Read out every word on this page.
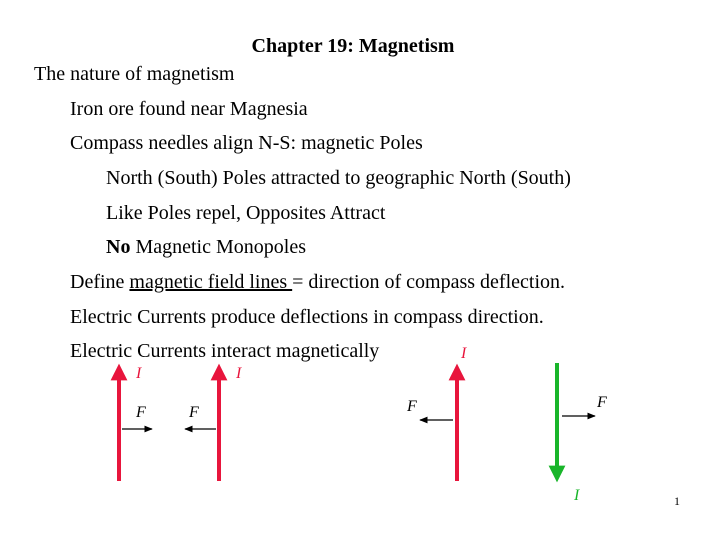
Chapter 19: Magnetism
The nature of magnetism
Iron ore found near Magnesia
Compass needles align N-S: magnetic Poles
North (South) Poles attracted to geographic North (South)
Like Poles repel, Opposites Attract
No Magnetic Monopoles
Define magnetic field lines = direction of compass deflection.
Electric Currents produce deflections in compass direction.
Electric Currents interact magnetically
I	I
F	F
I
I
F	F
1
